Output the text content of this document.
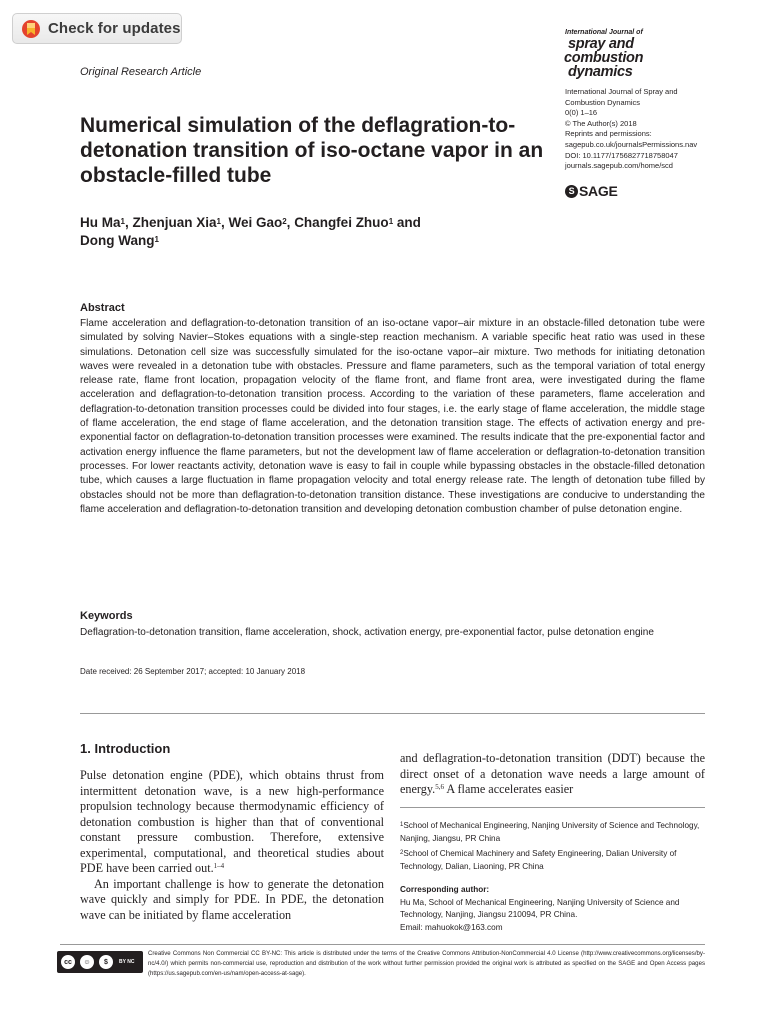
Check for updates
Original Research Article
International Journal of
spray and
combustion
dynamics
International Journal of Spray and
Combustion Dynamics
0(0) 1–16
© The Author(s) 2018
Reprints and permissions:
sagepub.co.uk/journalsPermissions.nav
DOI: 10.1177/1756827718758047
journals.sagepub.com/home/scd
S SAGE
Numerical simulation of the deflagration-to-detonation transition of iso-octane vapor in an obstacle-filled tube
Hu Ma$^1$, Zhenjuan Xia$^1$, Wei Gao$^2$, Changfei Zhuo$^1$ and
Dong Wang$^1$
Abstract

Flame acceleration and deflagration-to-detonation transition of an iso-octane vapor–air mixture in an obstacle-filled detonation tube were simulated by solving Navier–Stokes equations with a single-step reaction mechanism. A variable specific heat ratio was used in these simulations. Detonation cell size was successfully simulated for the iso-octane vapor–air mixture. Two methods for initiating detonation waves were revealed in a detonation tube with obstacles. Pressure and flame parameters, such as the temporal variation of total energy release rate, flame front location, propagation velocity of the flame front, and flame front area, were investigated during the flame acceleration and deflagration-to-detonation transition process. According to the variation of these parameters, flame acceleration and deflagration-to-detonation transition processes could be divided into four stages, i.e. the early stage of flame acceleration, the middle stage of flame acceleration, the end stage of flame acceleration, and the detonation transition stage. The effects of activation energy and pre-exponential factor on deflagration-to-detonation transition processes were examined. The results indicate that the pre-exponential factor and activation energy influence the flame parameters, but not the development law of flame acceleration or deflagration-to-detonation transition processes. For lower reactants activity, detonation wave is easy to fail in couple while bypassing obstacles in the obstacle-filled detonation tube, which causes a large fluctuation in flame propagation velocity and total energy release rate. The length of detonation tube filled by obstacles should not be more than deflagration-to-detonation transition distance. These investigations are conducive to understanding the flame acceleration and deflagration-to-detonation transition and developing detonation combustion chamber of pulse detonation engine.

Keywords

Deflagration-to-detonation transition, flame acceleration, shock, activation energy, pre-exponential factor, pulse detonation engine

Date received: 26 September 2017; accepted: 10 January 2018
1. Introduction

Pulse detonation engine (PDE), which obtains thrust from intermittent detonation wave, is a new high-performance propulsion technology because thermodynamic efficiency of detonation combustion is higher than that of conventional constant pressure combustion. Therefore, extensive experimental, computational, and theoretical studies about PDE have been carried out.$^{1-4}$

An important challenge is how to generate the detonation wave quickly and simply for PDE. In PDE, the detonation wave can be initiated by flame acceleration

and deflagration-to-detonation transition (DDT) because the direct onset of a detonation wave needs a large amount of energy.$^{5,6}$ A flame accelerates easier
$^1$School of Mechanical Engineering, Nanjing University of Science and Technology, Nanjing, Jiangsu, PR China
$^2$School of Chemical Machinery and Safety Engineering, Dalian University of Technology, Dalian, Liaoning, PR China
Corresponding author:
Hu Ma, School of Mechanical Engineering, Nanjing University of Science and Technology, Nanjing, Jiangsu 210094, PR China.
Email: mahuokok@163.com
cc	☺	$	BY NC

Creative Commons Non Commercial CC BY-NC: This article is distributed under the terms of the Creative Commons Attribution-NonCommercial 4.0 License (http://www.creativecommons.org/licenses/by-nc/4.0/) which permits non-commercial use, reproduction and distribution of the work without further permission provided the original work is attributed as specified on the SAGE and Open Access pages (https://us.sagepub.com/en-us/nam/open-access-at-sage).
